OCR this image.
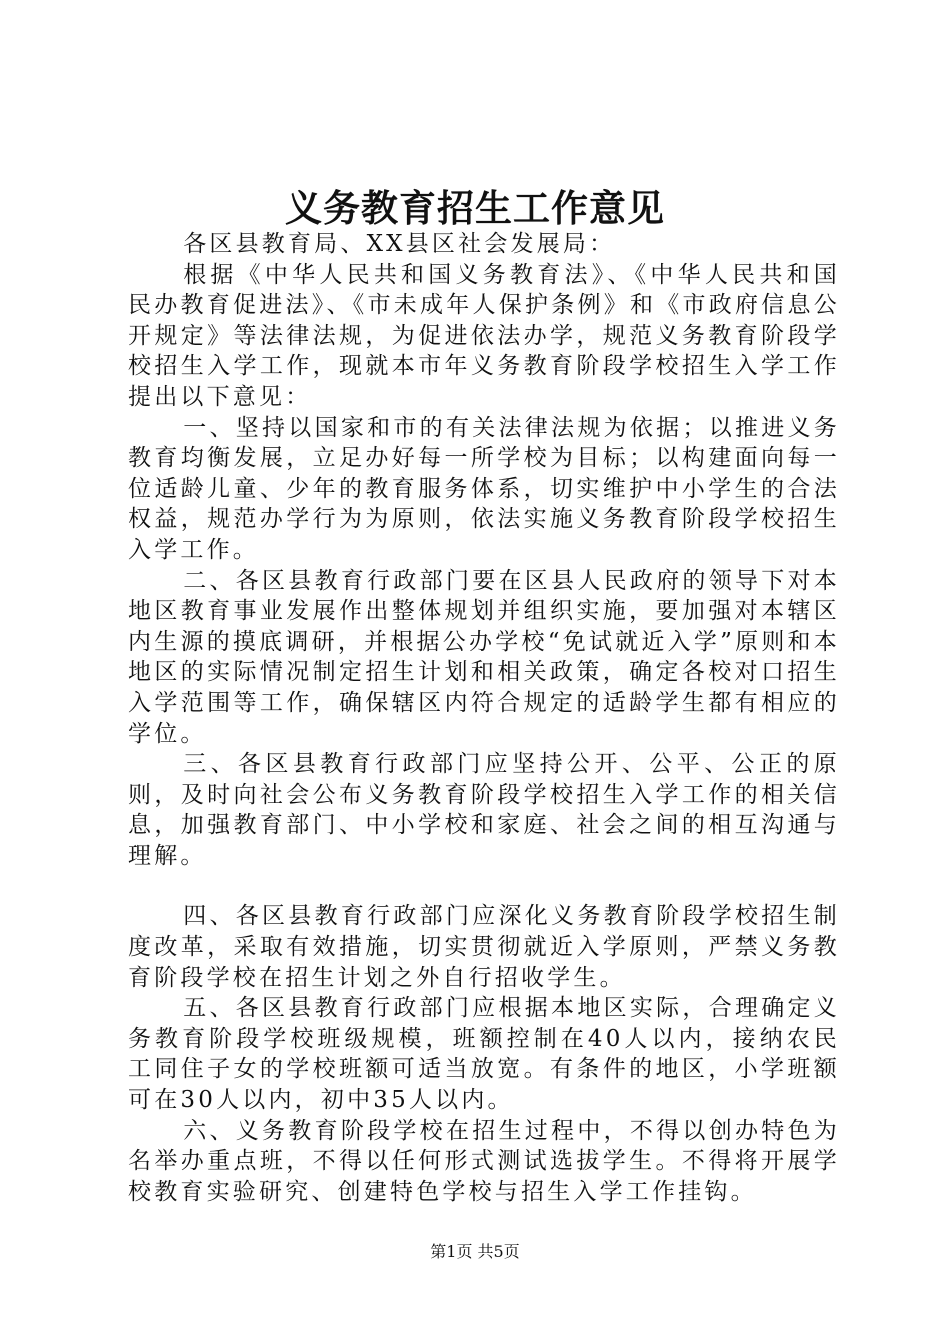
义务教育招生工作意见

各区县教育局、XX县区社会发展局：

根据《中华人民共和国义务教育法》、《中华人民共和国民办教育促进法》、《市未成年人保护条例》和《市政府信息公开规定》等法律法规，为促进依法办学，规范义务教育阶段学校招生入学工作，现就本市年义务教育阶段学校招生入学工作提出以下意见：

一、坚持以国家和市的有关法律法规为依据；以推进义务教育均衡发展，立足办好每一所学校为目标；以构建面向每一位适龄儿童、少年的教育服务体系，切实维护中小学生的合法权益，规范办学行为为原则，依法实施义务教育阶段学校招生入学工作。

二、各区县教育行政部门要在区县人民政府的领导下对本地区教育事业发展作出整体规划并组织实施，要加强对本辖区内生源的摸底调研，并根据公办学校“免试就近入学”原则和本地区的实际情况制定招生计划和相关政策，确定各校对口招生入学范围等工作，确保辖区内符合规定的适龄学生都有相应的学位。

三、各区县教育行政部门应坚持公开、公平、公正的原则，及时向社会公布义务教育阶段学校招生入学工作的相关信息，加强教育部门、中小学校和家庭、社会之间的相互沟通与理解。

四、各区县教育行政部门应深化义务教育阶段学校招生制度改革，采取有效措施，切实贯彻就近入学原则，严禁义务教育阶段学校在招生计划之外自行招收学生。

五、各区县教育行政部门应根据本地区实际，合理确定义务教育阶段学校班级规模，班额控制在40人以内，接纳农民工同住子女的学校班额可适当放宽。有条件的地区，小学班额可在30人以内，初中35人以内。

六、义务教育阶段学校在招生过程中，不得以创办特色为名举办重点班，不得以任何形式测试选拔学生。不得将开展学校教育实验研究、创建特色学校与招生入学工作挂钩。

第1页 共5页
